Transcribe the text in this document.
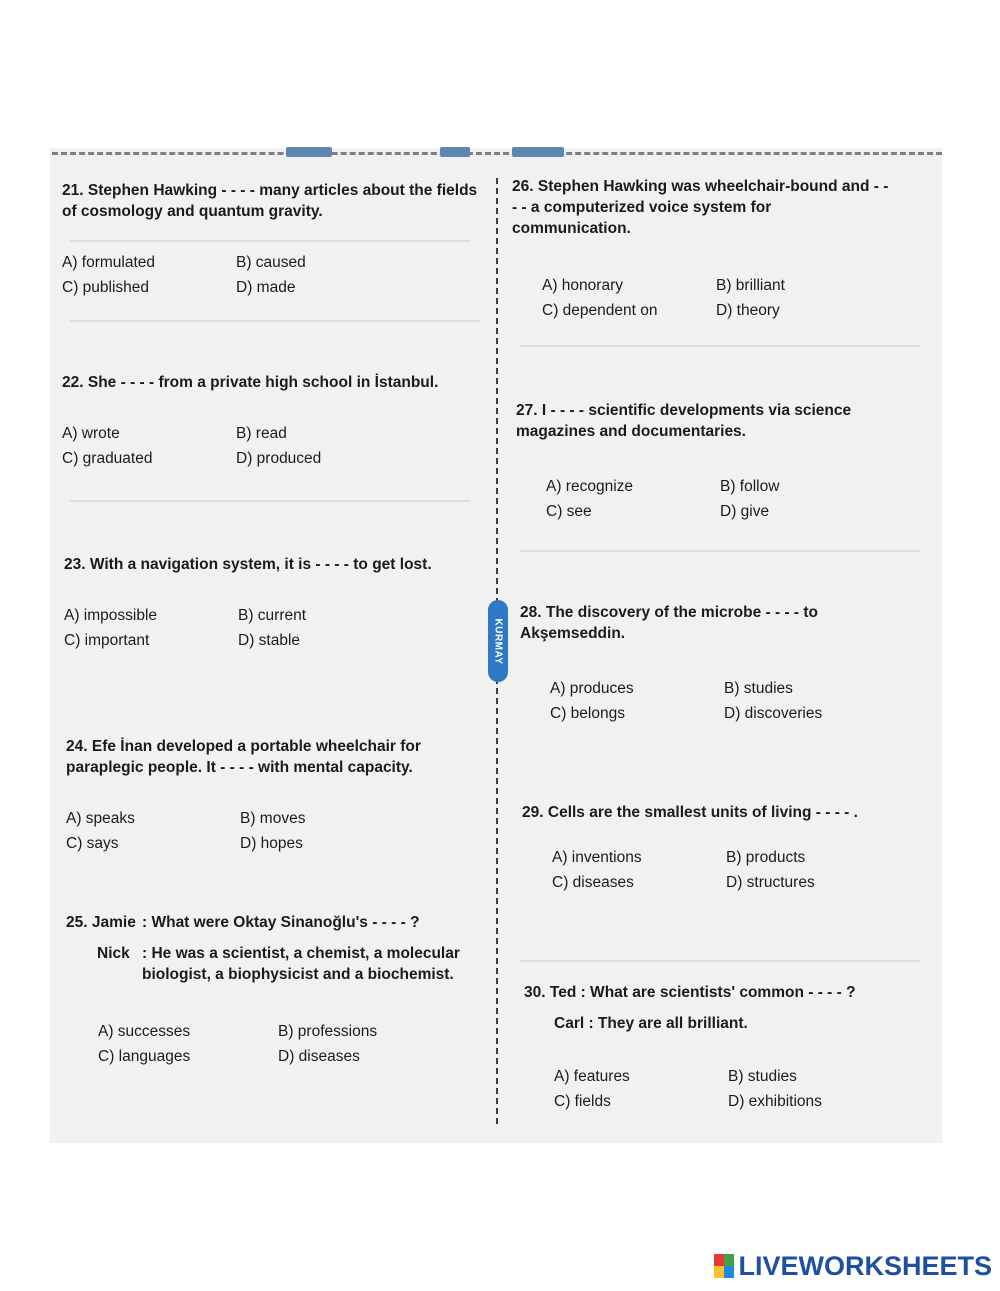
KURMAY

21. Stephen Hawking - - - - many articles about the fields of cosmology and quantum gravity.

A) formulated	B) caused
C) published	D) made

22. She - - - - from a private high school in İstanbul.

A) wrote	B) read
C) graduated	D) produced

23. With a navigation system, it is - - - - to get lost.

A) impossible	B) current
C) important	D) stable

24. Efe İnan developed a portable wheelchair for paraplegic people. It - - - - with mental capacity.

A) speaks	B) moves
C) says	D) hopes
25. Jamie : What were Oktay Sinanoğlu's - - - - ?
Nick : He was a scientist, a chemist, a molecular biologist, a biophysicist and a biochemist.
A) successes	B) professions
C) languages	D) diseases

26. Stephen Hawking was wheelchair-bound and - - - - a computerized voice system for communication.

A) honorary	B) brilliant
C) dependent on	D) theory

27. I - - - - scientific developments via science magazines and documentaries.

A) recognize	B) follow
C) see	D) give

28. The discovery of the microbe - - - - to Akşemseddin.

A) produces	B) studies
C) belongs	D) discoveries

29. Cells are the smallest units of living - - - - .

A) inventions	B) products
C) diseases	D) structures
30. Ted : What are scientists' common - - - - ?
Carl : They are all brilliant.
A) features	B) studies
C) fields	D) exhibitions
LIVEWORKSHEETS
